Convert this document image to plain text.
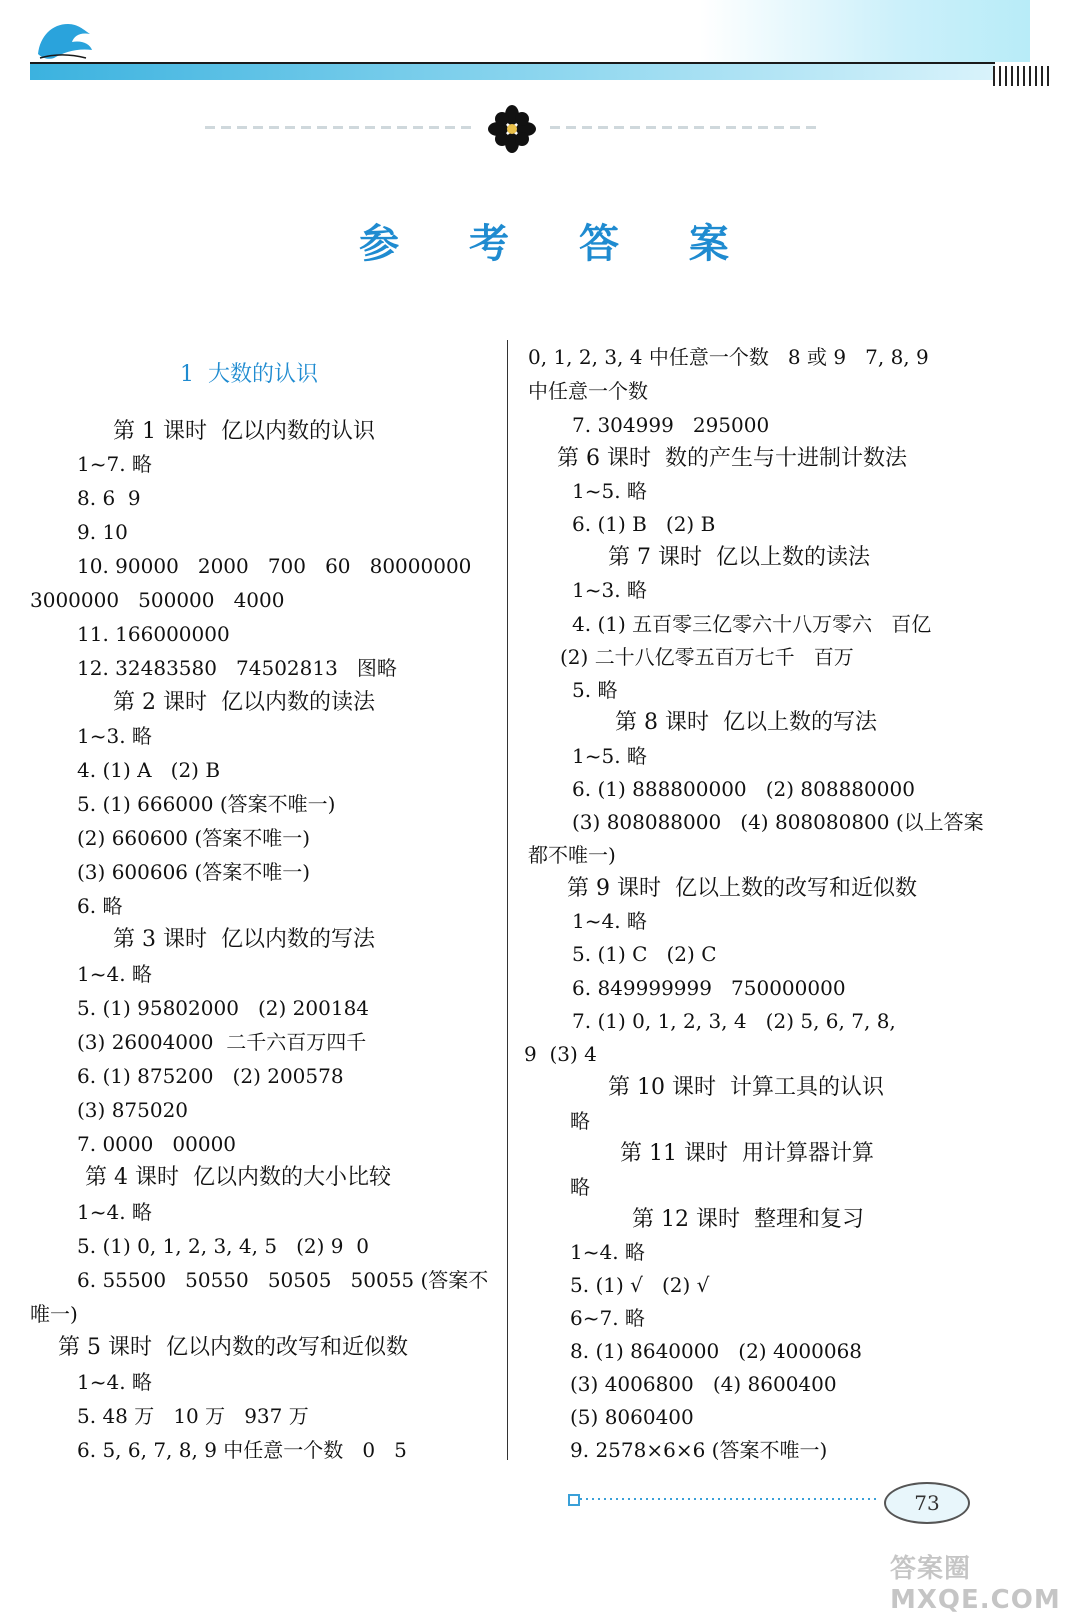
参 考 答 案
1  大数的认识
第 1 课时  亿以内数的认识
1~7. 略
8. 6  9
9. 10
10. 90000   2000   700   60   80000000
3000000   500000   4000
11. 166000000
12. 32483580   74502813   图略
第 2 课时  亿以内数的读法
1~3. 略
4. (1) A   (2) B
5. (1) 666000 (答案不唯一)
(2) 660600 (答案不唯一)
(3) 600606 (答案不唯一)
6. 略
第 3 课时  亿以内数的写法
1~4. 略
5. (1) 95802000   (2) 200184
(3) 26004000  二千六百万四千
6. (1) 875200   (2) 200578
(3) 875020
7. 0000   00000
第 4 课时  亿以内数的大小比较
1~4. 略
5. (1) 0, 1, 2, 3, 4, 5   (2) 9  0
6. 55500   50550   50505   50055 (答案不
唯一)
第 5 课时  亿以内数的改写和近似数
1~4. 略
5. 48 万   10 万   937 万
6. 5, 6, 7, 8, 9 中任意一个数   0   5
0, 1, 2, 3, 4 中任意一个数   8 或 9   7, 8, 9
中任意一个数
7. 304999   295000
第 6 课时  数的产生与十进制计数法
1~5. 略
6. (1) B   (2) B
第 7 课时  亿以上数的读法
1~3. 略
4. (1) 五百零三亿零六十八万零六   百亿
(2) 二十八亿零五百万七千   百万
5. 略
第 8 课时  亿以上数的写法
1~5. 略
6. (1) 888800000   (2) 808880000
(3) 808088000   (4) 808080800 (以上答案
都不唯一)
第 9 课时  亿以上数的改写和近似数
1~4. 略
5. (1) C   (2) C
6. 849999999   750000000
7. (1) 0, 1, 2, 3, 4   (2) 5, 6, 7, 8,
9  (3) 4
第 10 课时  计算工具的认识
略
第 11 课时  用计算器计算
略
第 12 课时  整理和复习
1~4. 略
5. (1) √   (2) √
6~7. 略
8. (1) 8640000   (2) 4000068
(3) 4006800   (4) 8600400
(5) 8060400
9. 2578×6×6 (答案不唯一)
73
答案圈 MXQE.COM
